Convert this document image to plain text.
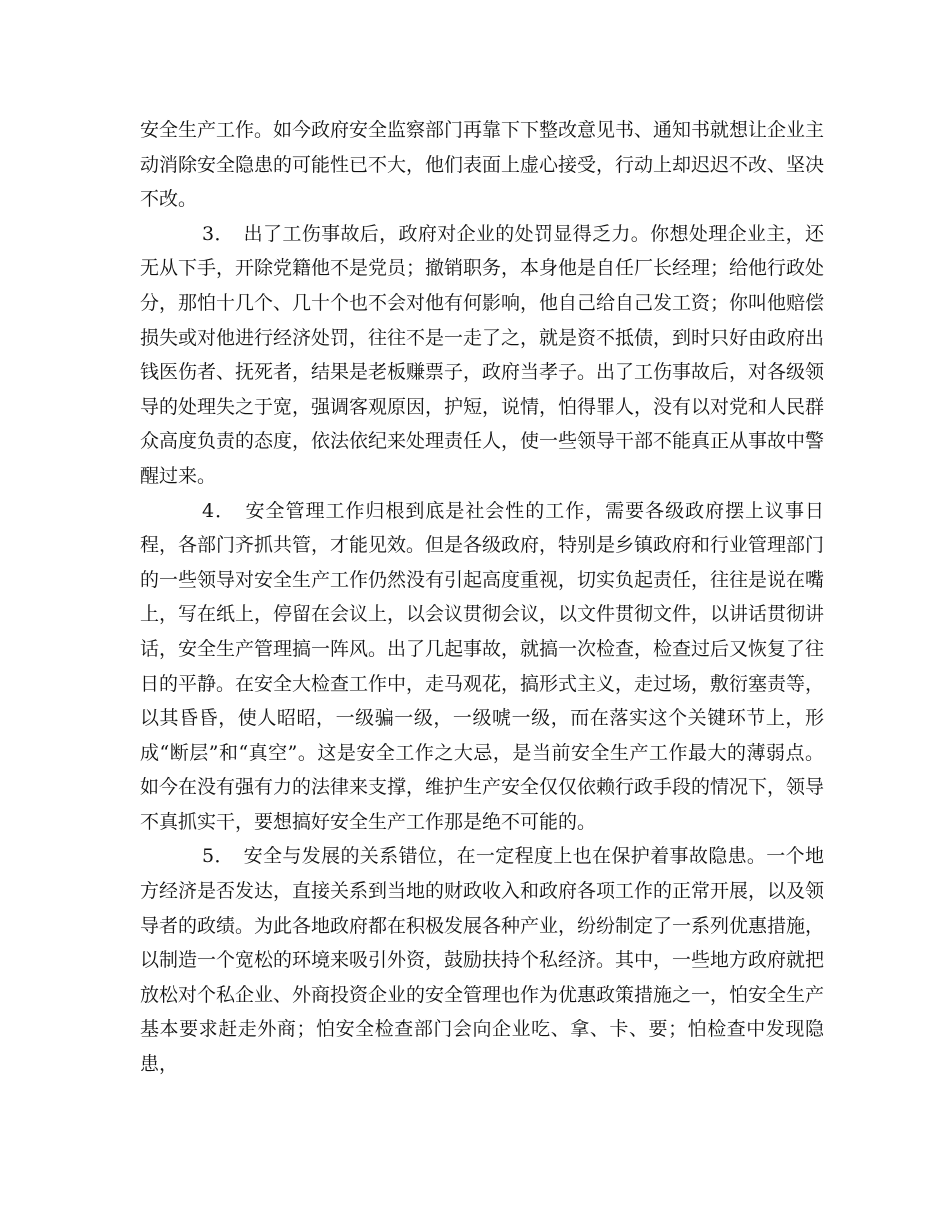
安全生产工作。如今政府安全监察部门再靠下下整改意见书、通知书就想让企业主动消除安全隐患的可能性已不大，他们表面上虚心接受，行动上却迟迟不改、坚决不改。

3．　出了工伤事故后，政府对企业的处罚显得乏力。你想处理企业主，还无从下手，开除党籍他不是党员；撤销职务，本身他是自任厂长经理；给他行政处分，那怕十几个、几十个也不会对他有何影响，他自己给自己发工资；你叫他赔偿损失或对他进行经济处罚，往往不是一走了之，就是资不抵债，到时只好由政府出钱医伤者、抚死者，结果是老板赚票子，政府当孝子。出了工伤事故后，对各级领导的处理失之于宽，强调客观原因，护短，说情，怕得罪人，没有以对党和人民群众高度负责的态度，依法依纪来处理责任人，使一些领导干部不能真正从事故中警醒过来。

4．　安全管理工作归根到底是社会性的工作，需要各级政府摆上议事日程，各部门齐抓共管，才能见效。但是各级政府，特别是乡镇政府和行业管理部门的一些领导对安全生产工作仍然没有引起高度重视，切实负起责任，往往是说在嘴上，写在纸上，停留在会议上，以会议贯彻会议，以文件贯彻文件，以讲话贯彻讲话，安全生产管理搞一阵风。出了几起事故，就搞一次检查，检查过后又恢复了往日的平静。在安全大检查工作中，走马观花，搞形式主义，走过场，敷衍塞责等，以其昏昏，使人昭昭，一级骗一级，一级唬一级，而在落实这个关键环节上，形成“断层”和“真空”。这是安全工作之大忌，是当前安全生产工作最大的薄弱点。如今在没有强有力的法律来支撑，维护生产安全仅仅依赖行政手段的情况下，领导不真抓实干，要想搞好安全生产工作那是绝不可能的。

5．　安全与发展的关系错位，在一定程度上也在保护着事故隐患。一个地方经济是否发达，直接关系到当地的财政收入和政府各项工作的正常开展，以及领导者的政绩。为此各地政府都在积极发展各种产业，纷纷制定了一系列优惠措施，以制造一个宽松的环境来吸引外资，鼓励扶持个私经济。其中，一些地方政府就把放松对个私企业、外商投资企业的安全管理也作为优惠政策措施之一，怕安全生产基本要求赶走外商；怕安全检查部门会向企业吃、拿、卡、要；怕检查中发现隐患，
